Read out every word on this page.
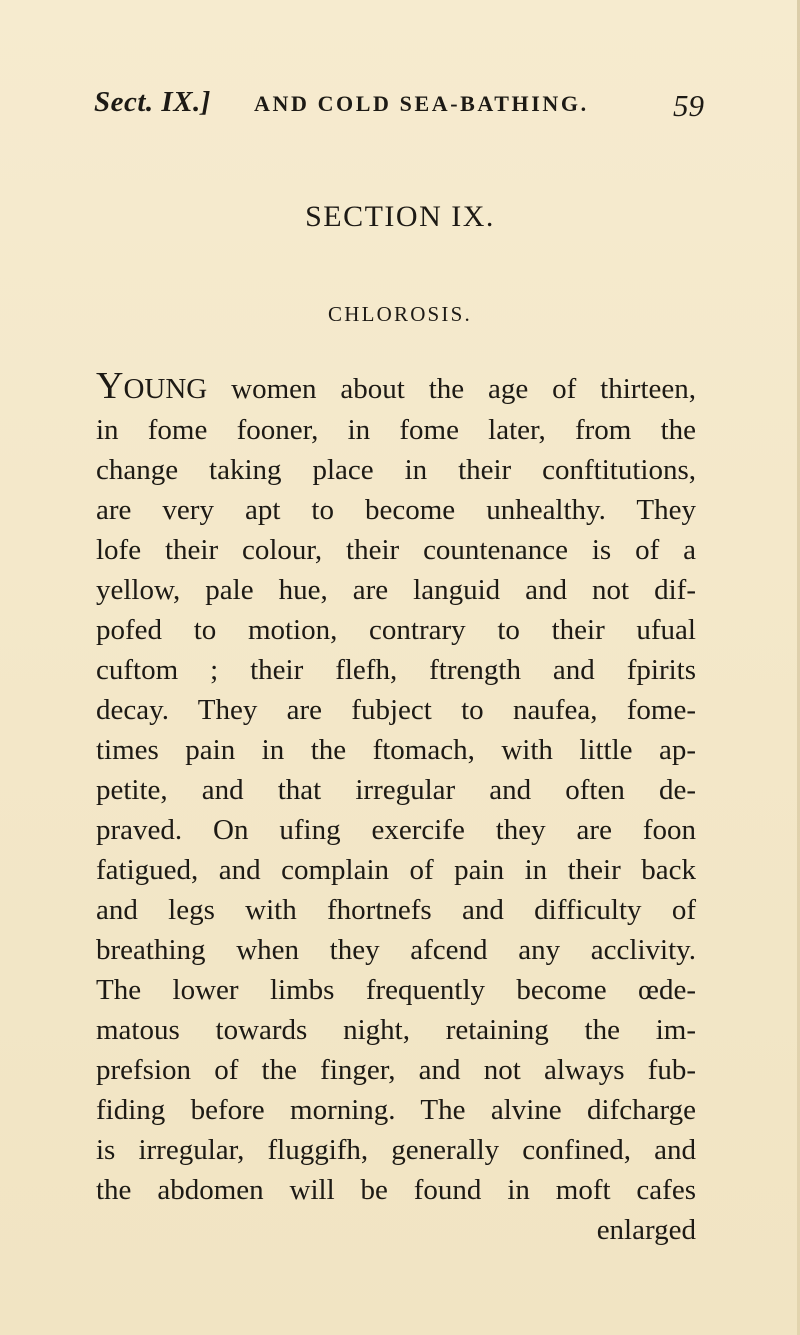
Sect. IX.] AND COLD SEA-BATHING.	59
SECTION IX.
CHLOROSIS.
YOUNG women about the age of thirteen,
in fome fooner, in fome later, from the
change taking place in their conftitutions,
are very apt to become unhealthy. They
lofe their colour, their countenance is of a
yellow, pale hue, are languid and not dif-
pofed to motion, contrary to their ufual
cuftom ; their flefh, ftrength and fpirits
decay. They are fubject to naufea, fome-
times pain in the ftomach, with little ap-
petite, and that irregular and often de-
praved. On ufing exercife they are foon
fatigued, and complain of pain in their back
and legs with fhortnefs and difficulty of
breathing when they afcend any acclivity.
The lower limbs frequently become œde-
matous towards night, retaining the im-
prefsion of the finger, and not always fub-
fiding before morning. The alvine difcharge
is irregular, fluggifh, generally confined, and
the abdomen will be found in moft cafes
enlarged
